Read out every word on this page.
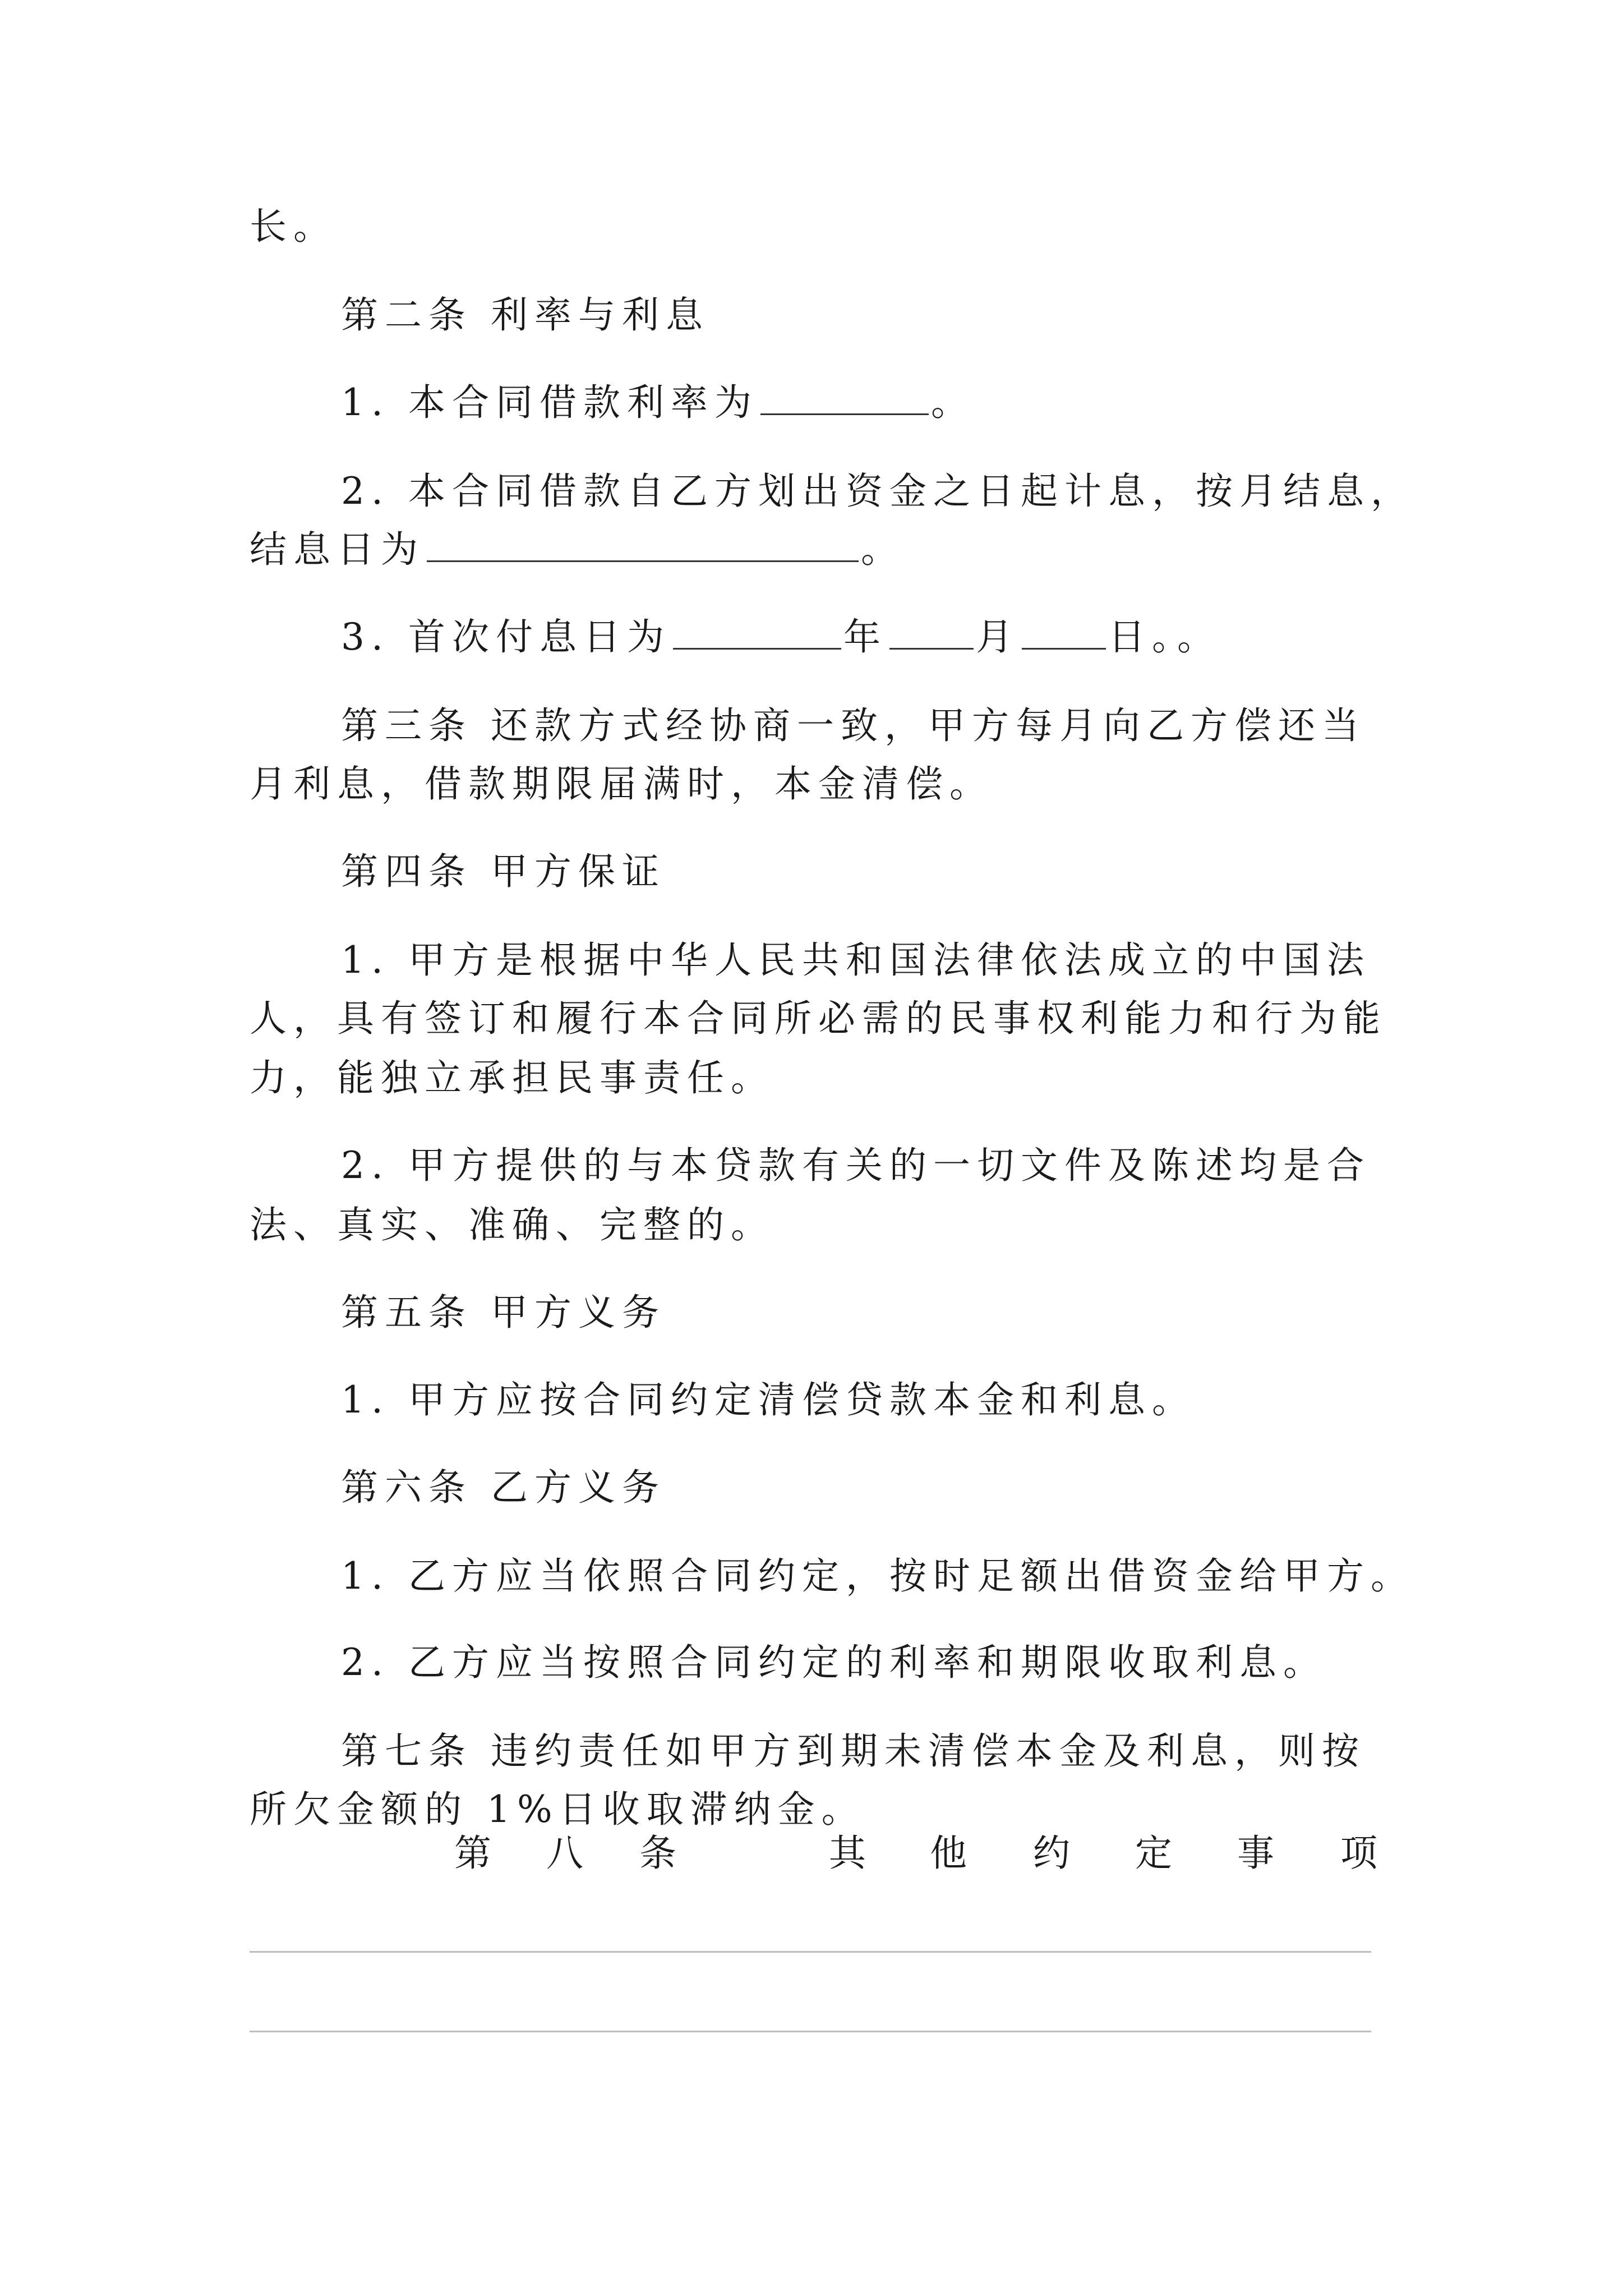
长。
第二条 利率与利息
1. 本合同借款利率为	。
2. 本合同借款自乙方划出资金之日起计息，按月结息，
结息日为	。
3. 首次付息日为	年 月 日。。
第三条 还款方式经协商一致，甲方每月向乙方偿还当
月利息，借款期限届满时，本金清偿。
第四条 甲方保证
1. 甲方是根据中华人民共和国法律依法成立的中国法
人，具有签订和履行本合同所必需的民事权利能力和行为能
力，能独立承担民事责任。
2. 甲方提供的与本贷款有关的一切文件及陈述均是合
法、真实、准确、完整的。
第五条 甲方义务
1. 甲方应按合同约定清偿贷款本金和利息。
第六条 乙方义务
1. 乙方应当依照合同约定，按时足额出借资金给甲方。
2. 乙方应当按照合同约定的利率和期限收取利息。
第七条 违约责任如甲方到期未清偿本金及利息，则按
所欠金额的 1%日收取滞纳金。
第 八 条	其 他 约 定 事 项
